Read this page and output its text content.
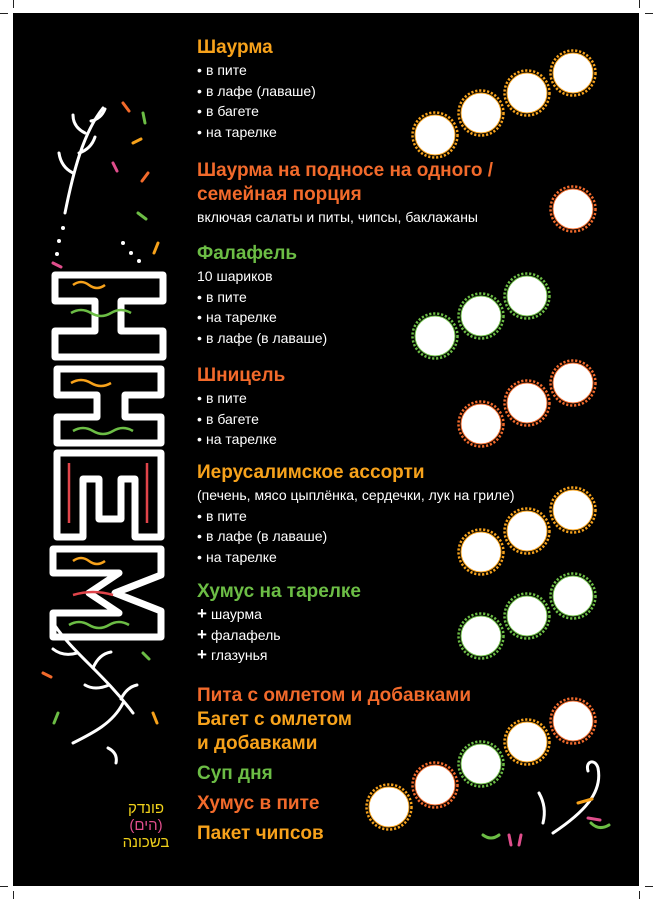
Шаурма
• в пите
• в лафе (лаваше)
• в багете
• на тарелке
Шаурма на подносе на одного /
семейная порция
включая салаты и питы, чипсы, баклажаны
Фалафель
10 шариков
• в пите
• на тарелке
• в лафе (в лаваше)
Шницель
• в пите
• в багете
• на тарелке
Иерусалимское ассорти
(печень, мясо цыплёнка, сердечки, лук на гриле)
• в пите
• в лафе (в лаваше)
• на тарелке
Хумус на тарелке
+ шаурма
+ фалафель
+ глазунья
Пита с омлетом и добавками
Багет с омлетом
и добавками
Суп дня
Хумус в пите
Пакет чипсов
פונדק
(הים)
בשכונה
